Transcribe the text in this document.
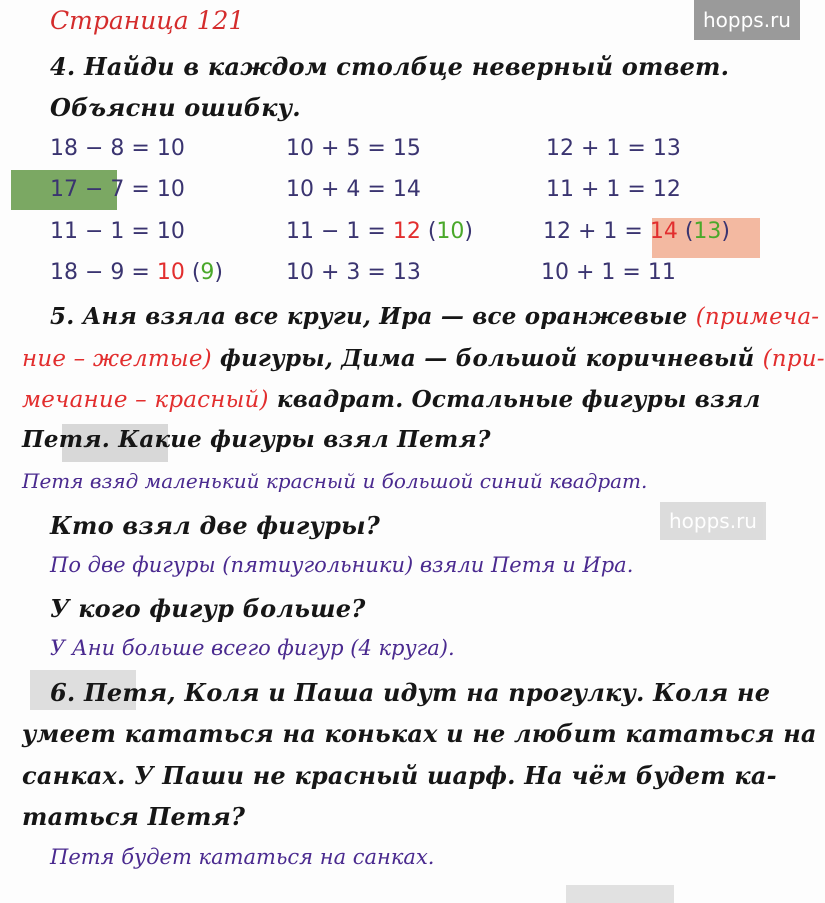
hopps.ru
hopps.ru
Страница 121
4. Найди в каждом столбце неверный ответ.
Объясни ошибку.
18 − 8 = 10
17 − 7 = 10
11 − 1 = 10
18 − 9 = 10 (9)
10 + 5 = 15
10 + 4 = 14
11 − 1 = 12 (10)
10 + 3 = 13
12 + 1 = 13
11 + 1 = 12
12 + 1 = 14 (13)
10 + 1 = 11
5. Аня взяла все круги, Ира — все оранжевые (примеча-
ние – желтые) фигуры, Дима — большой коричневый (при-
мечание – красный) квадрат. Остальные фигуры взял
Петя. Какие фигуры взял Петя?
Петя взяд маленький красный и большой синий квадрат.
Кто взял две фигуры?
По две фигуры (пятиугольники) взяли Петя и Ира.
У кого фигур больше?
У Ани больше всего фигур (4 круга).
6. Петя, Коля и Паша идут на прогулку. Коля не
умеет кататься на коньках и не любит кататься на
санках. У Паши не красный шарф. На чём будет ка-
таться Петя?
Петя будет кататься на санках.
